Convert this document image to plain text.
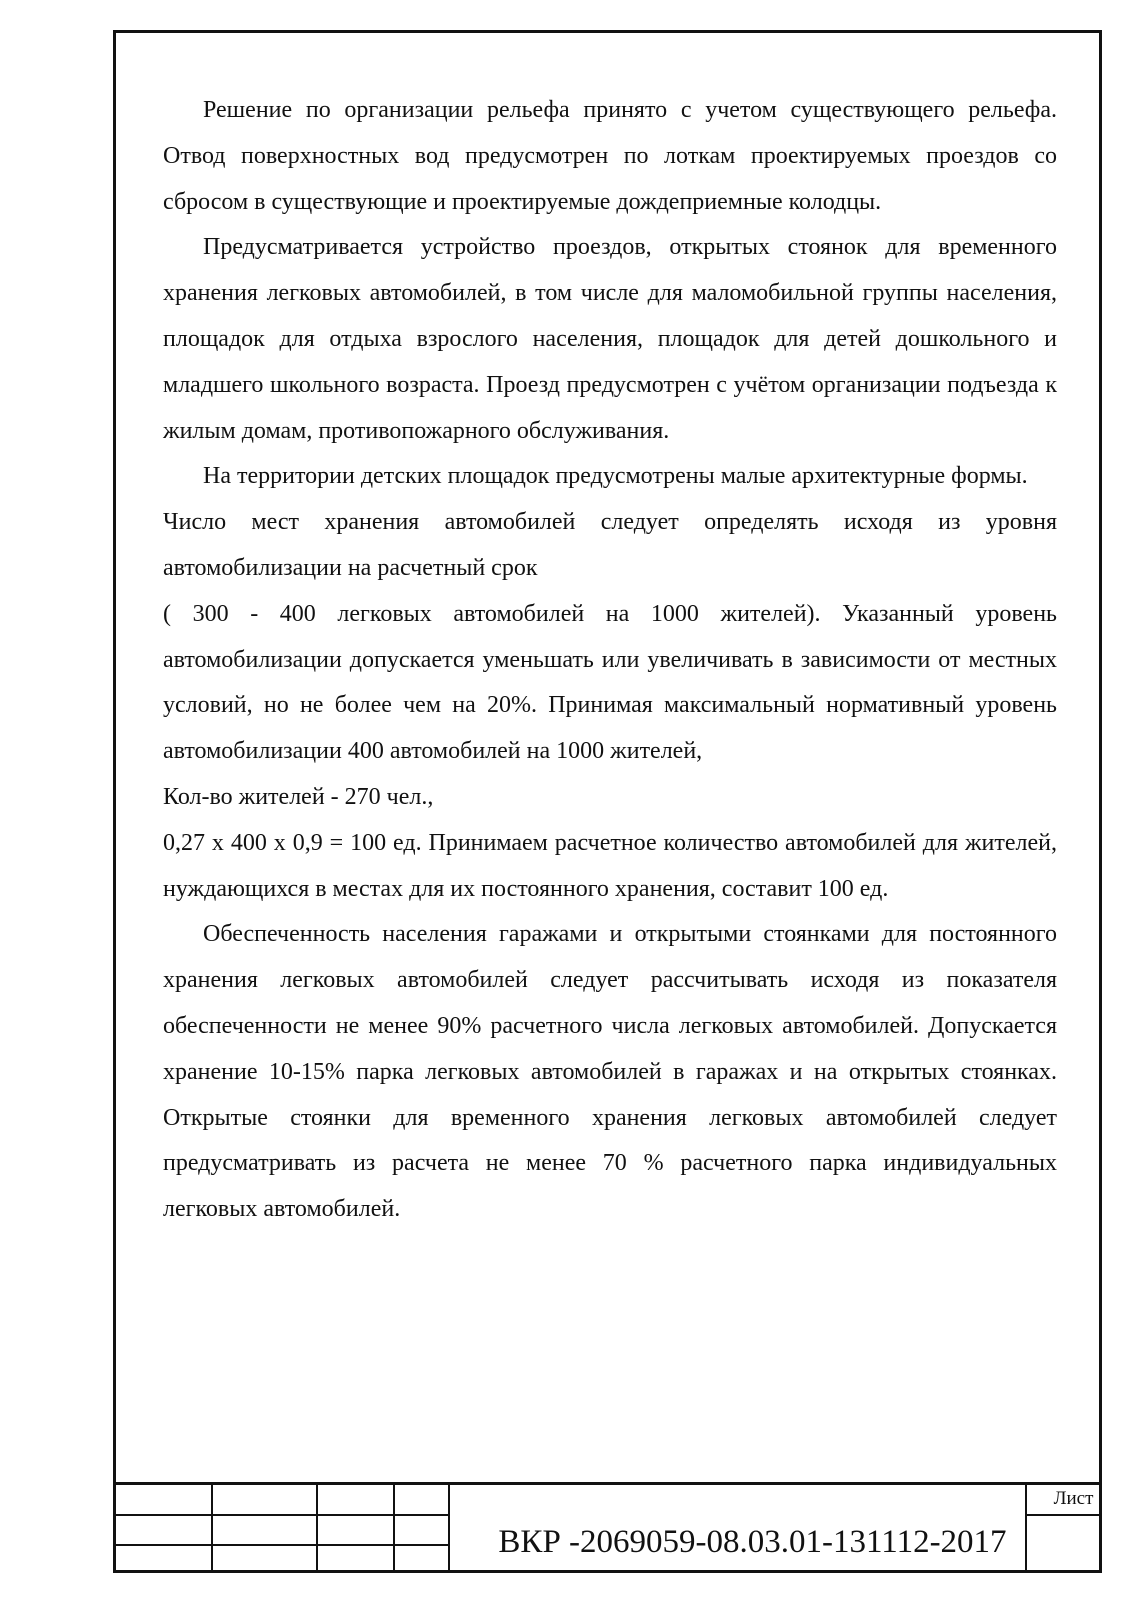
Решение по организации рельефа принято с учетом существующего рельефа. Отвод поверхностных вод предусмотрен по лоткам проектируемых проездов со сбросом в существующие и проектируемые дождеприемные колодцы.

Предусматривается устройство проездов, открытых стоянок для временного хранения легковых автомобилей, в том числе для маломобильной группы населения, площадок для отдыха взрослого населения, площадок для детей дошкольного и младшего школьного возраста. Проезд предусмотрен с учётом организации подъезда к жилым домам, противопожарного обслуживания.

На территории детских площадок предусмотрены малые архитектурные формы.

Число мест хранения автомобилей следует определять исходя из уровня автомобилизации на расчетный срок

( 300 - 400 легковых автомобилей на 1000 жителей). Указанный уровень автомобилизации допускается уменьшать или увеличивать в зависимости от местных условий, но не более чем на 20%. Принимая максимальный нормативный уровень автомобилизации 400 автомобилей на 1000 жителей,

Кол-во жителей - 270 чел.,

0,27 х 400 х 0,9 = 100 ед. Принимаем расчетное количество автомобилей для жителей, нуждающихся в местах для их постоянного хранения, составит 100 ед.

Обеспеченность населения гаражами и открытыми стоянками для постоянного хранения легковых автомобилей следует рассчитывать исходя из показателя обеспеченности не менее 90% расчетного числа легковых автомобилей. Допускается хранение 10-15% парка легковых автомобилей в гаражах и на открытых стоянках. Открытые стоянки для временного хранения легковых автомобилей следует предусматривать из расчета не менее 70 % расчетного парка индивидуальных легковых автомобилей.

ВКР -2069059-08.03.01-131112-2017
Лист
